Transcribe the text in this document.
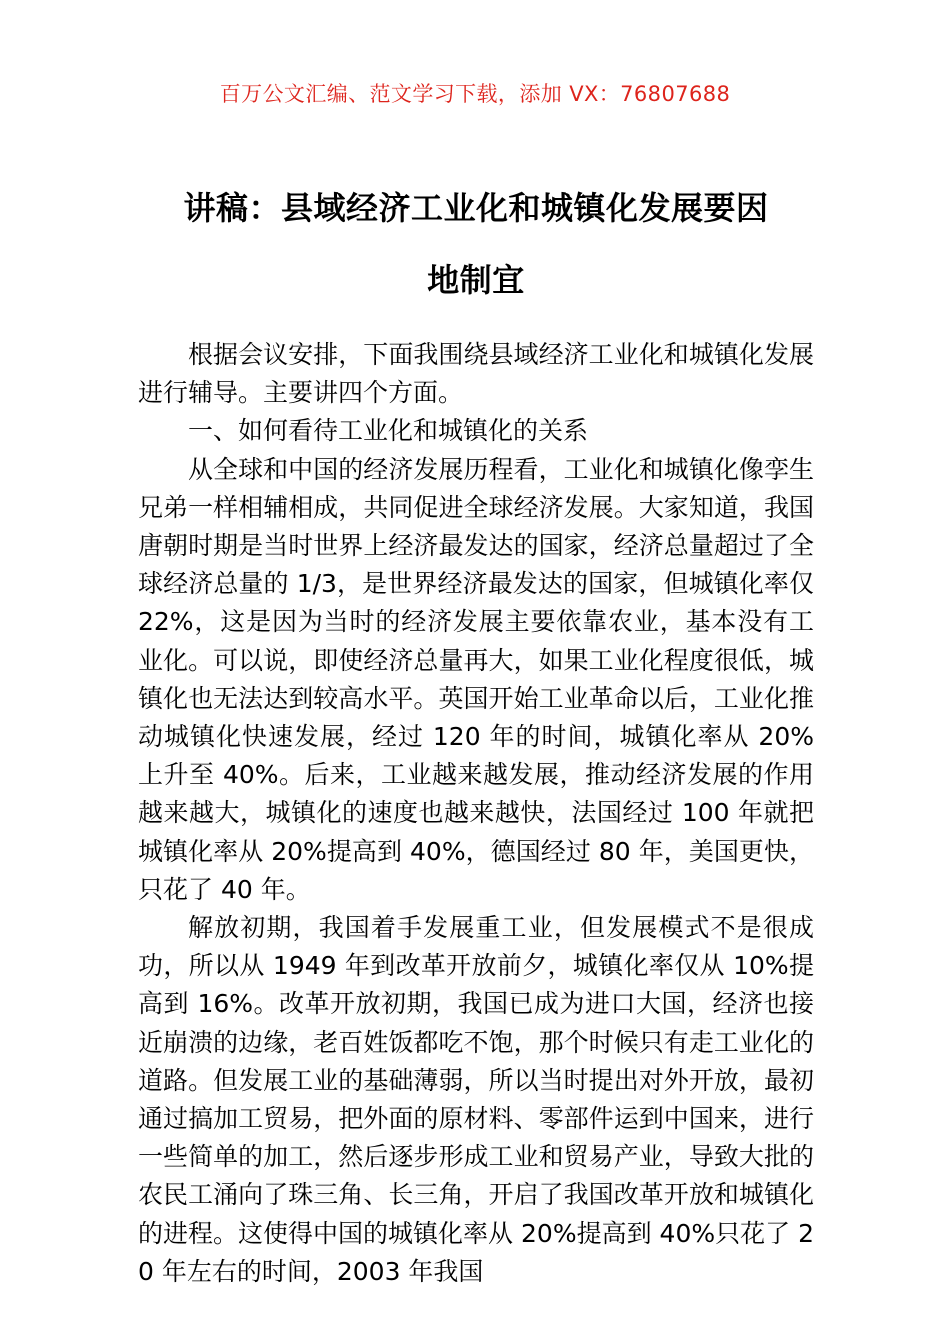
百万公文汇编、范文学习下载，添加 VX：76807688
讲稿：县域经济工业化和城镇化发展要因
地制宜

根据会议安排，下面我围绕县域经济工业化和城镇化发展进行辅导。主要讲四个方面。

一、如何看待工业化和城镇化的关系

从全球和中国的经济发展历程看，工业化和城镇化像孪生兄弟一样相辅相成，共同促进全球经济发展。大家知道，我国唐朝时期是当时世界上经济最发达的国家，经济总量超过了全球经济总量的 1/3，是世界经济最发达的国家，但城镇化率仅 22%，这是因为当时的经济发展主要依靠农业，基本没有工业化。可以说，即使经济总量再大，如果工业化程度很低，城镇化也无法达到较高水平。英国开始工业革命以后，工业化推动城镇化快速发展，经过 120 年的时间，城镇化率从 20%上升至 40%。后来，工业越来越发展，推动经济发展的作用越来越大，城镇化的速度也越来越快，法国经过 100 年就把城镇化率从 20%提高到 40%，德国经过 80 年，美国更快，只花了 40 年。

解放初期，我国着手发展重工业，但发展模式不是很成功，所以从 1949 年到改革开放前夕，城镇化率仅从 10%提高到 16%。改革开放初期，我国已成为进口大国，经济也接近崩溃的边缘，老百姓饭都吃不饱，那个时候只有走工业化的道路。但发展工业的基础薄弱，所以当时提出对外开放，最初通过搞加工贸易，把外面的原材料、零部件运到中国来，进行一些简单的加工，然后逐步形成工业和贸易产业，导致大批的农民工涌向了珠三角、长三角，开启了我国改革开放和城镇化的进程。这使得中国的城镇化率从 20%提高到 40%只花了 20 年左右的时间，2003 年我国
